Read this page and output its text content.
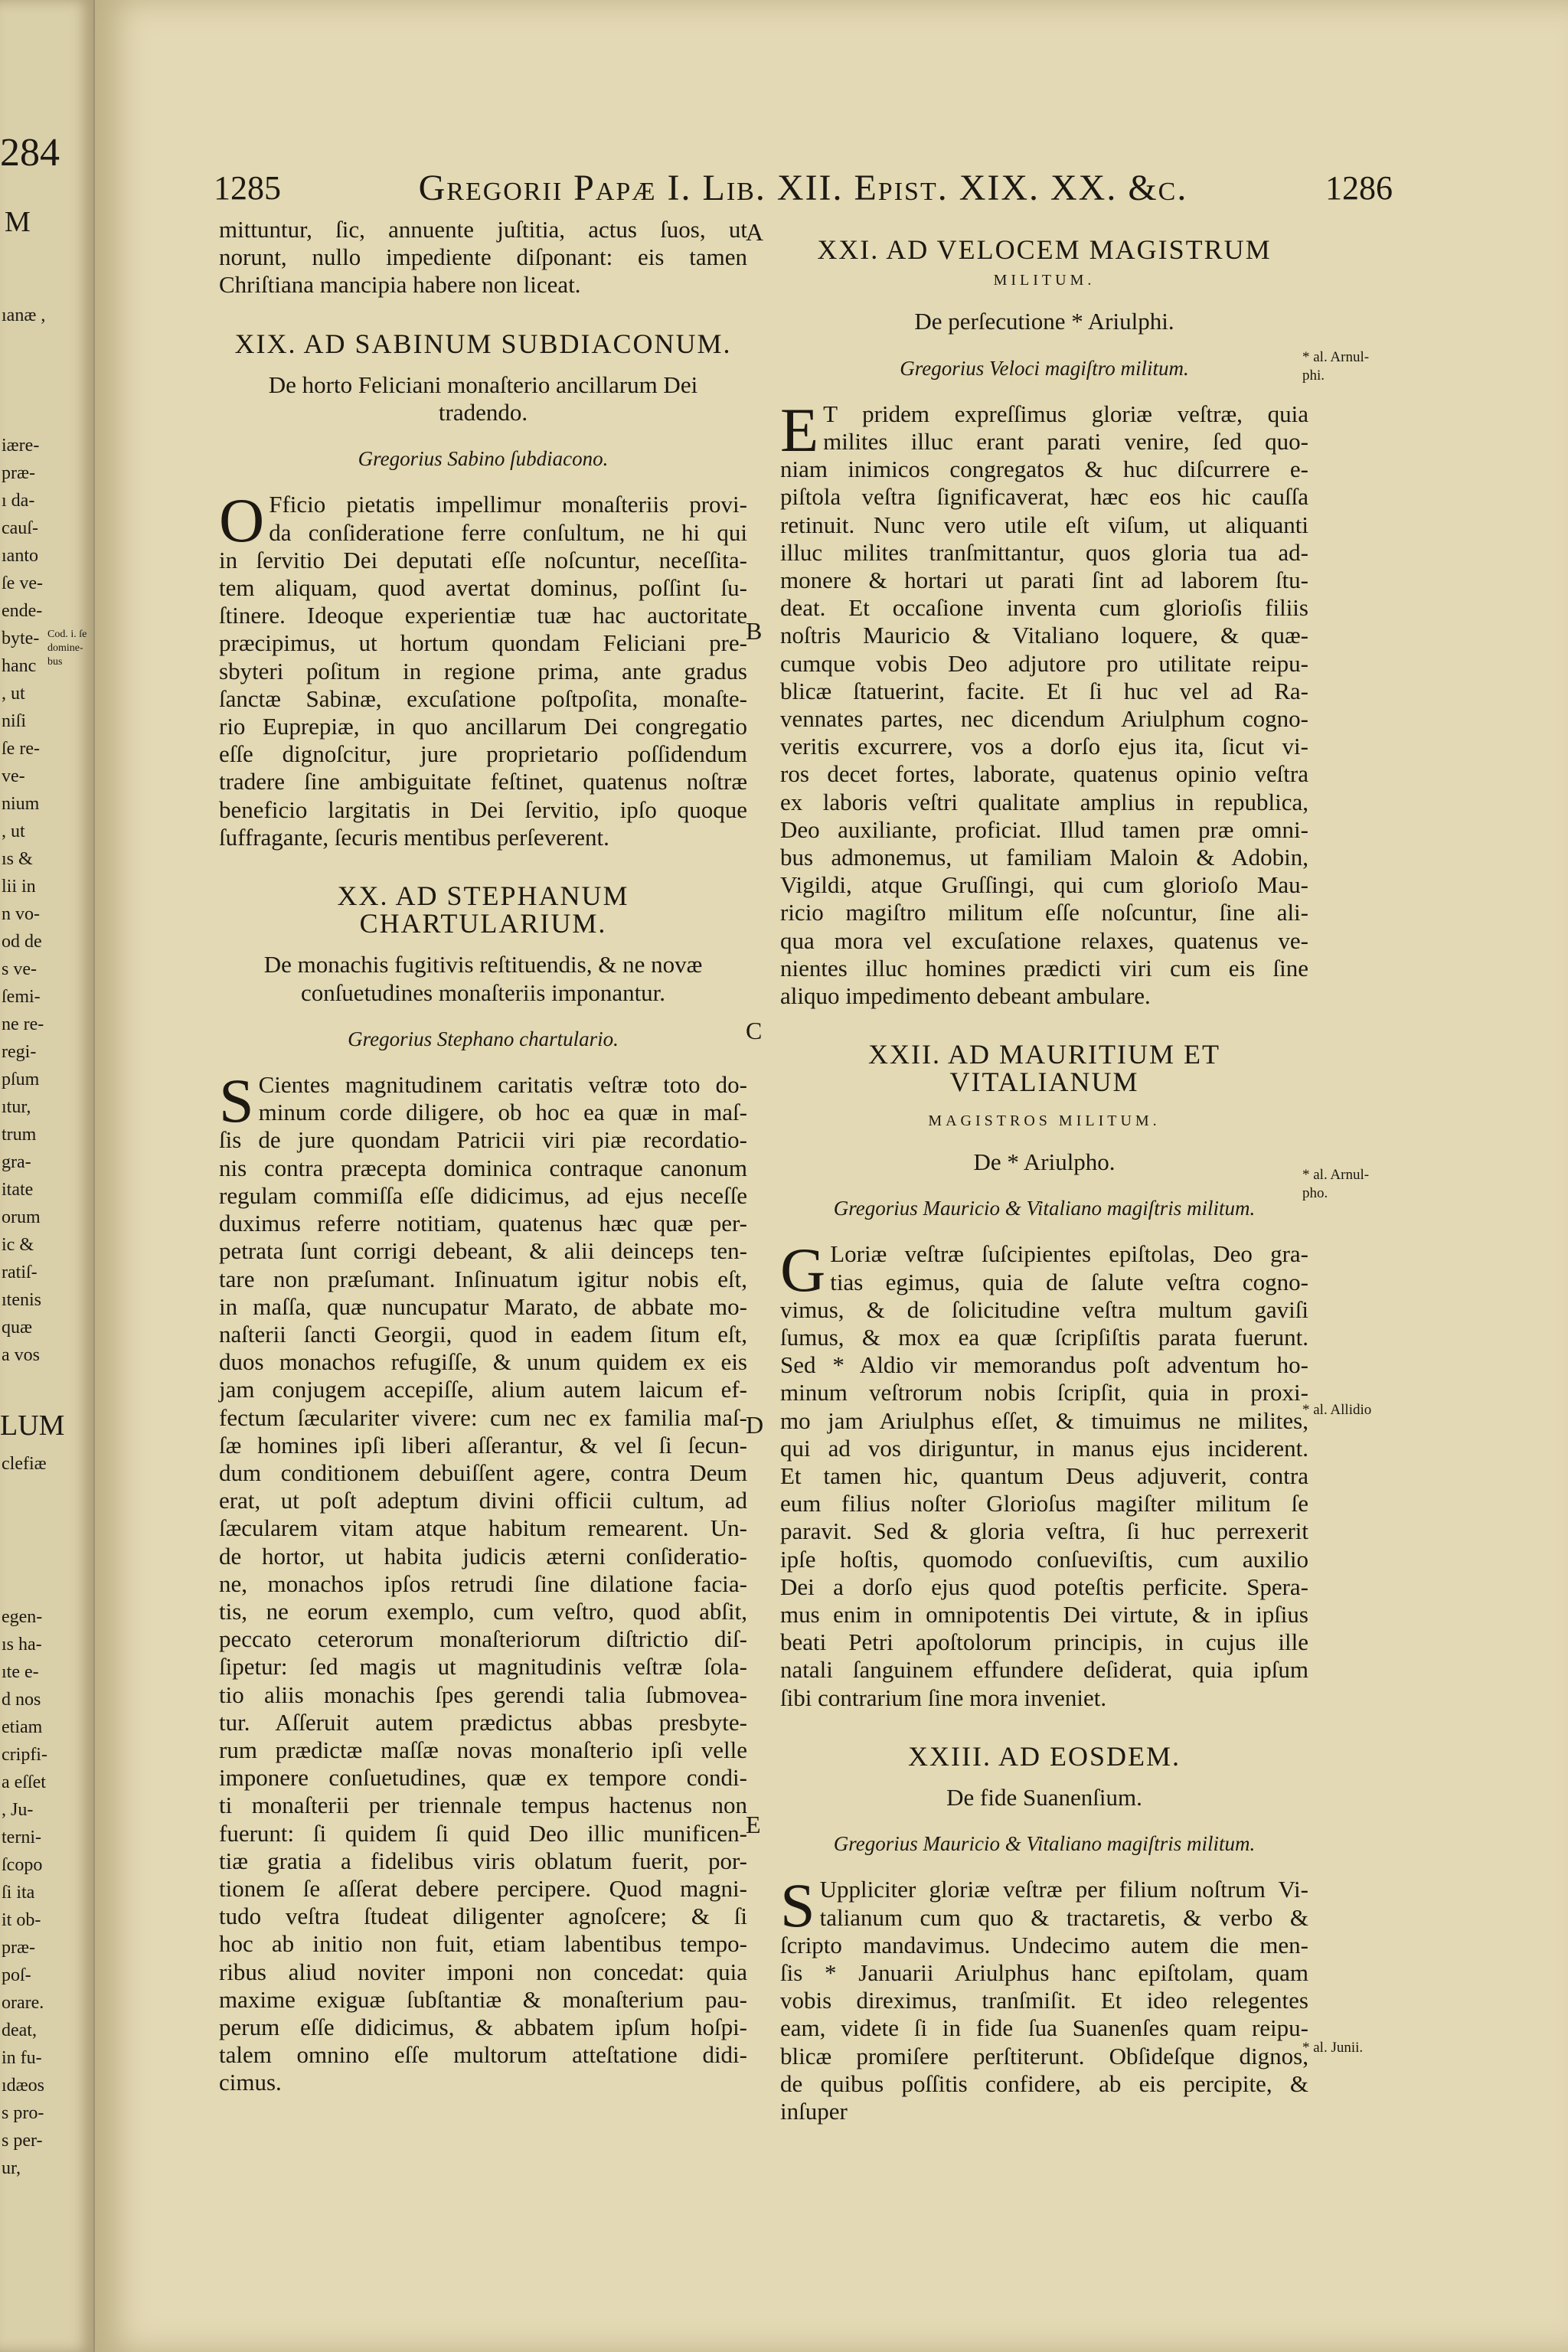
284
M
LUM
Cod. i. ſe domine-bus
ıanæ ,
iære-
præ-
ı da-
cauſ-
ıanto
ſe ve-
ende-
byte-
hanc
, ut
niſi
ſe re-
ve-
nium
, ut
ıs &
lii in
n vo-
od de
s ve-
ſemi-
ne re-
regi-
pſum
ıtur,
trum
gra-
itate
orum
ic &
ratiſ-
ıtenis
quæ
a vos
clefiæ
egen-
ıs ha-
ıte e-
d nos
etiam
cripfi-
a eſſet
, Ju-
terni-
ſcopo
ſi ita
it ob-
præ-
poſ-
orare.
deat,
in fu-
ıdæos
s pro-
s per-
ur,
1285	Gregorii Papæ I. Lib. XII. Epist. XIX. XX. &c.	1286
mittuntur, ſic, annuente juſtitia, actus ſuos, ut
norunt, nullo impediente diſponant: eis tamen
Chriſtiana mancipia habere non liceat.
XIX. AD SABINUM SUBDIACONUM.
De horto Feliciani monaſterio ancillarum Dei tradendo.
Gregorius Sabino ſubdiacono.
O Fficio pietatis impellimur monaſteriis provi-
da conſideratione ferre conſultum, ne hi qui
in ſervitio Dei deputati eſſe noſcuntur, neceſſita-
tem aliquam, quod avertat dominus, poſſint ſu-
ſtinere. Ideoque experientiæ tuæ hac auctoritate
præcipimus, ut hortum quondam Feliciani pre-
sbyteri poſitum in regione prima, ante gradus
ſanctæ Sabinæ, excuſatione poſtpoſita, monaſte-
rio Euprepiæ, in quo ancillarum Dei congregatio
eſſe dignoſcitur, jure proprietario poſſidendum
tradere ſine ambiguitate feſtinet, quatenus noſtræ
beneficio largitatis in Dei ſervitio, ipſo quoque
ſuffragante, ſecuris mentibus perſeverent.
XX. AD STEPHANUM CHARTULARIUM.
De monachis fugitivis reſtituendis, & ne novæ conſuetudines monaſteriis imponantur.
Gregorius Stephano chartulario.
S Cientes magnitudinem caritatis veſtræ toto do-
minum corde diligere, ob hoc ea quæ in maſ-
ſis de jure quondam Patricii viri piæ recordatio-
nis contra præcepta dominica contraque canonum
regulam commiſſa eſſe didicimus, ad ejus neceſſe
duximus referre notitiam, quatenus hæc quæ per-
petrata ſunt corrigi debeant, & alii deinceps ten-
tare non præſumant. Inſinuatum igitur nobis eſt,
in maſſa, quæ nuncupatur Marato, de abbate mo-
naſterii ſancti Georgii, quod in eadem ſitum eſt,
duos monachos refugiſſe, & unum quidem ex eis
jam conjugem accepiſſe, alium autem laicum ef-
fectum ſæculariter vivere: cum nec ex familia maſ-
ſæ homines ipſi liberi aſſerantur, & vel ſi ſecun-
dum conditionem debuiſſent agere, contra Deum
erat, ut poſt adeptum divini officii cultum, ad
ſæcularem vitam atque habitum remearent. Un-
de hortor, ut habita judicis æterni conſideratio-
ne, monachos ipſos retrudi ſine dilatione facia-
tis, ne eorum exemplo, cum veſtro, quod abſit,
peccato ceterorum monaſteriorum diſtrictio diſ-
ſipetur: ſed magis ut magnitudinis veſtræ ſola-
tio aliis monachis ſpes gerendi talia ſubmovea-
tur. Aſſeruit autem prædictus abbas presbyte-
rum prædictæ maſſæ novas monaſterio ipſi velle
imponere conſuetudines, quæ ex tempore condi-
ti monaſterii per triennale tempus hactenus non
fuerunt: ſi quidem ſi quid Deo illic munificen-
tiæ gratia a fidelibus viris oblatum fuerit, por-
tionem ſe aſſerat debere percipere. Quod magni-
tudo veſtra ſtudeat diligenter agnoſcere; & ſi
hoc ab initio non fuit, etiam labentibus tempo-
ribus aliud noviter imponi non concedat: quia
maxime exiguæ ſubſtantiæ & monaſterium pau-
perum eſſe didicimus, & abbatem ipſum hoſpi-
talem omnino eſſe multorum atteſtatione didi-
cimus.
XXI. AD VELOCEM MAGISTRUM
MILITUM.
De perſecutione * Ariulphi.
Gregorius Veloci magiſtro militum.
E T pridem expreſſimus gloriæ veſtræ, quia
milites illuc erant parati venire, ſed quo-
niam inimicos congregatos & huc diſcurrere e-
piſtola veſtra ſignificaverat, hæc eos hic cauſſa
retinuit. Nunc vero utile eſt viſum, ut aliquanti
illuc milites tranſmittantur, quos gloria tua ad-
monere & hortari ut parati ſint ad laborem ſtu-
deat. Et occaſione inventa cum glorioſis filiis
noſtris Mauricio & Vitaliano loquere, & quæ-
cumque vobis Deo adjutore pro utilitate reipu-
blicæ ſtatuerint, facite. Et ſi huc vel ad Ra-
vennates partes, nec dicendum Ariulphum cogno-
veritis excurrere, vos a dorſo ejus ita, ſicut vi-
ros decet fortes, laborate, quatenus opinio veſtra
ex laboris veſtri qualitate amplius in republica,
Deo auxiliante, proficiat. Illud tamen præ omni-
bus admonemus, ut familiam Maloin & Adobin,
Vigildi, atque Gruſſingi, qui cum glorioſo Mau-
ricio magiſtro militum eſſe noſcuntur, ſine ali-
qua mora vel excuſatione relaxes, quatenus ve-
nientes illuc homines prædicti viri cum eis ſine
aliquo impedimento debeant ambulare.
XXII. AD MAURITIUM ET VITALIANUM
MAGISTROS MILITUM.
De * Ariulpho.
Gregorius Mauricio & Vitaliano magiſtris militum.
G Loriæ veſtræ ſuſcipientes epiſtolas, Deo gra-
tias egimus, quia de ſalute veſtra cogno-
vimus, & de ſolicitudine veſtra multum gaviſi
ſumus, & mox ea quæ ſcripſiſtis parata fuerunt.
Sed * Aldio vir memorandus poſt adventum ho-
minum veſtrorum nobis ſcripſit, quia in proxi-
mo jam Ariulphus eſſet, & timuimus ne milites,
qui ad vos diriguntur, in manus ejus inciderent.
Et tamen hic, quantum Deus adjuverit, contra
eum filius noſter Glorioſus magiſter militum ſe
paravit. Sed & gloria veſtra, ſi huc perrexerit
ipſe hoſtis, quomodo conſueviſtis, cum auxilio
Dei a dorſo ejus quod poteſtis perficite. Spera-
mus enim in omnipotentis Dei virtute, & in ipſius
beati Petri apoſtolorum principis, in cujus ille
natali ſanguinem effundere deſiderat, quia ipſum
ſibi contrarium ſine mora inveniet.
XXIII. AD EOSDEM.
De fide Suanenſium.
Gregorius Mauricio & Vitaliano magiſtris militum.
S Uppliciter gloriæ veſtræ per filium noſtrum Vi-
talianum cum quo & tractaretis, & verbo &
ſcripto mandavimus. Undecimo autem die men-
ſis * Januarii Ariulphus hanc epiſtolam, quam
vobis direximus, tranſmiſit. Et ideo relegentes
eam, videte ſi in fide ſua Suanenſes quam reipu-
blicæ promiſere perſtiterunt. Obſideſque dignos,
de quibus poſſitis confidere, ab eis percipite, &
inſuper
A
B
C
D
E
* al. Arnul-phi.
* al. Arnul-pho.
* al. Allidio
* al. Junii.
